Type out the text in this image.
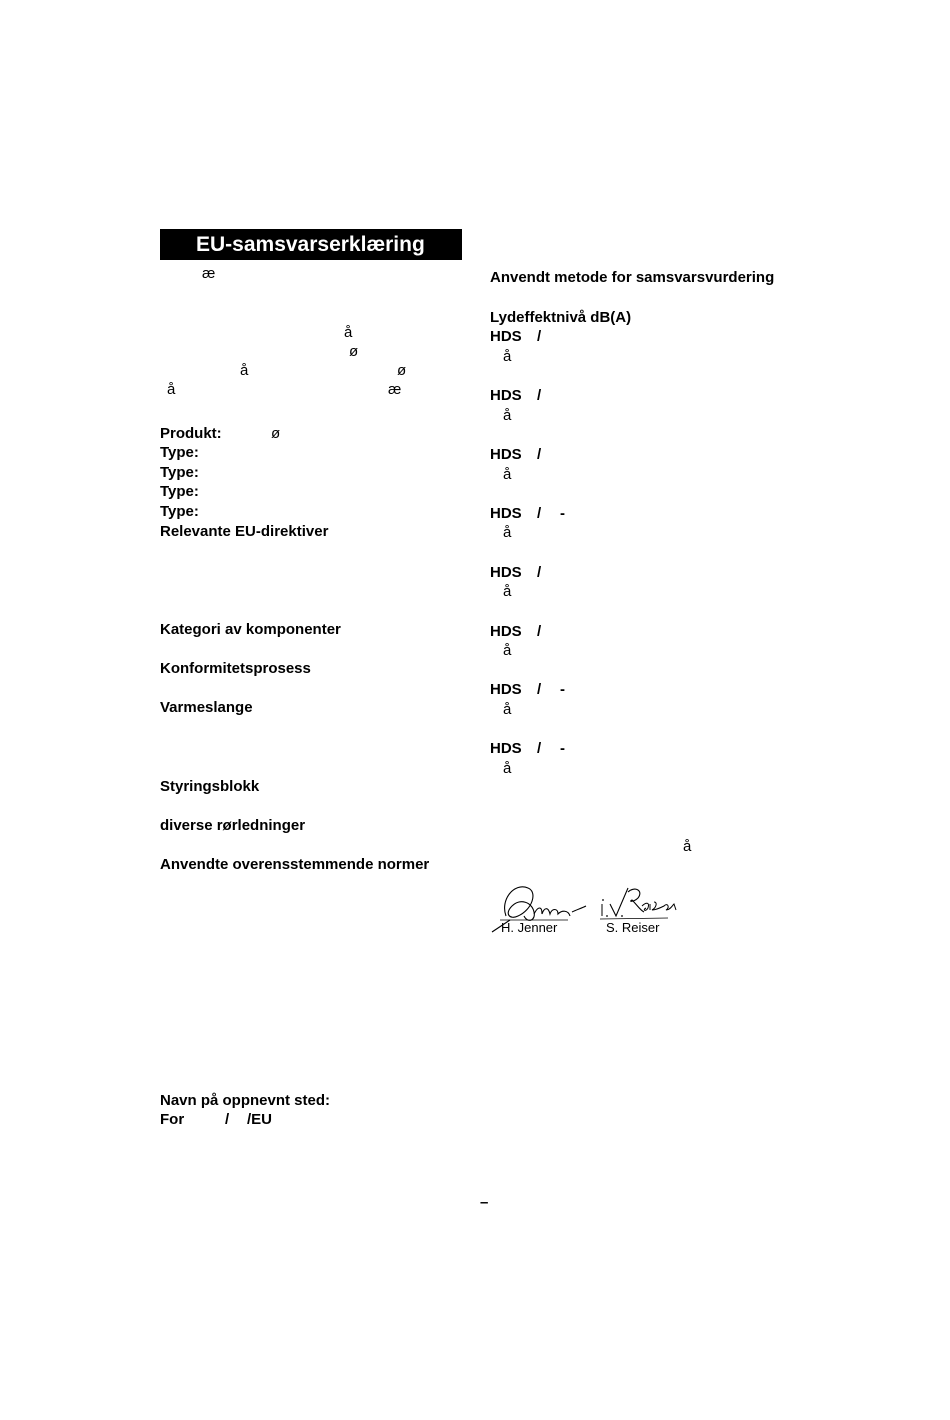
EU-samsvarserklæring
æ
å
ø
å	ø
å	æ
Produkt:	ø
Type:
Type:
Type:
Type:
Relevante EU-direktiver
Kategori av komponenter
Konformitetsprosess
Varmeslange
Styringsblokk
diverse rørledninger
Anvendte overensstemmende normer
Navn på oppnevnt sted:
For	/ /EU
Anvendt metode for samsvarsvurdering
Lydeffektnivå dB(A)
HDS /
å
HDS /
å
HDS /
å
HDS / -
å
HDS /
å
HDS /
å
HDS / -
å
HDS / -
å
å
H. Jenner	S. Reiser
–
